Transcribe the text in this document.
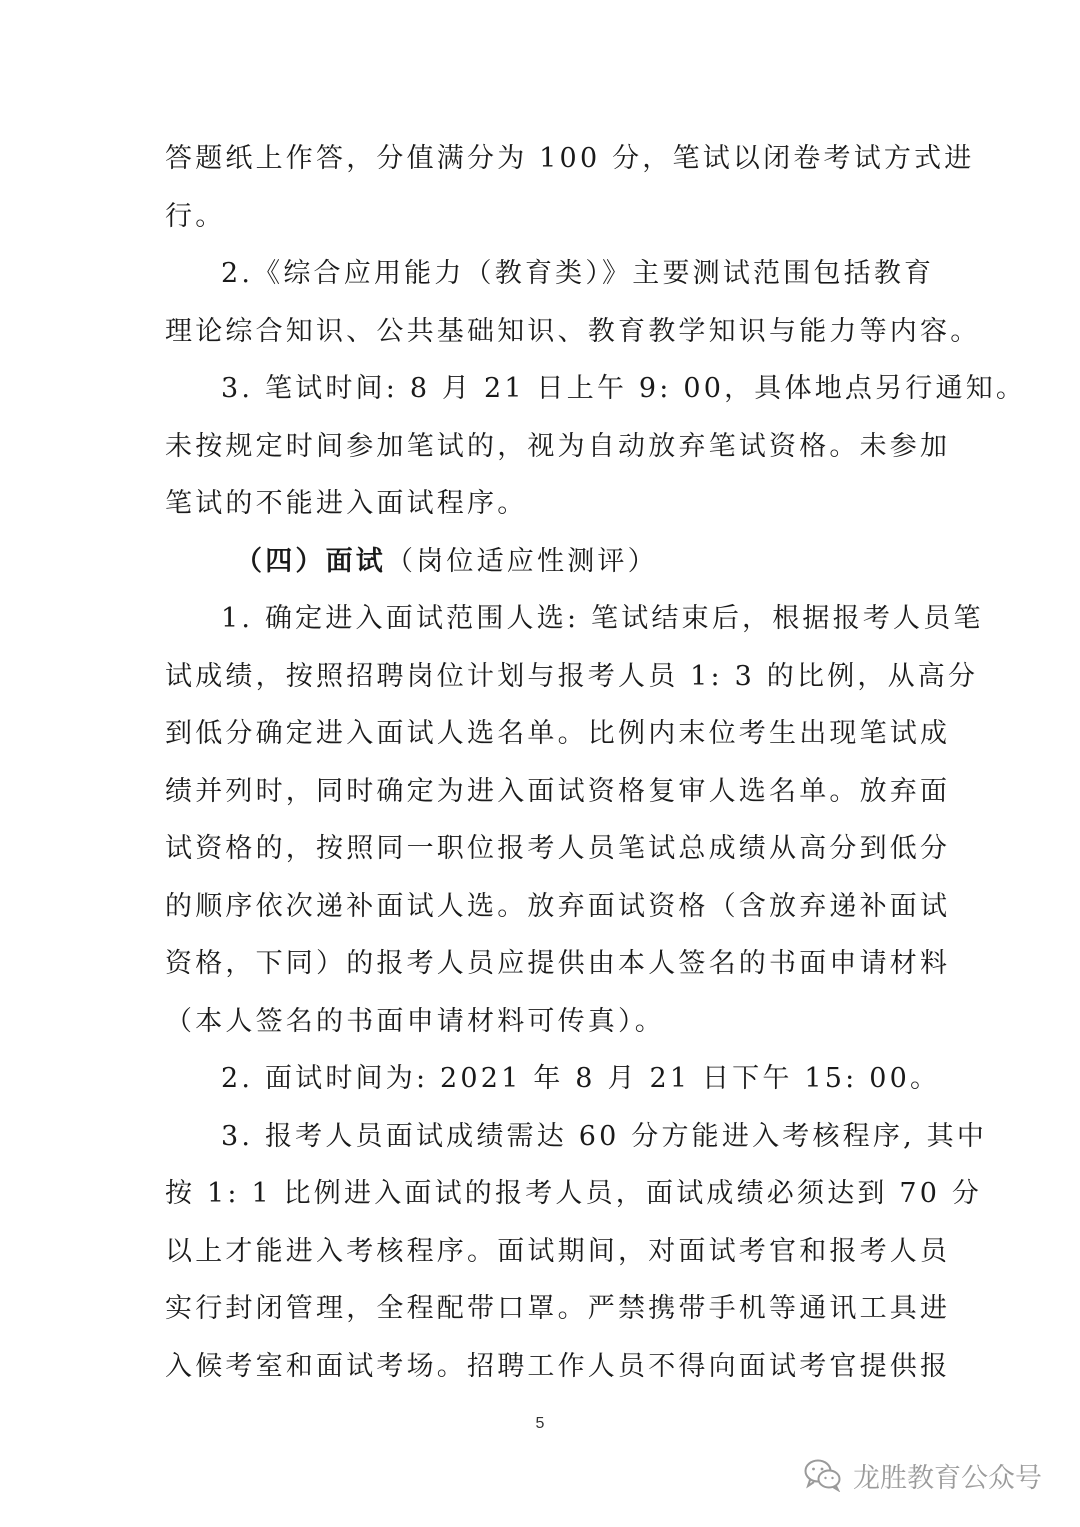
答题纸上作答，分值满分为 100 分，笔试以闭卷考试方式进
行。
2.《综合应用能力（教育类）》主要测试范围包括教育
理论综合知识、公共基础知识、教育教学知识与能力等内容。
3. 笔试时间: 8 月 21 日上午 9: 00，具体地点另行通知。
未按规定时间参加笔试的，视为自动放弃笔试资格。未参加
笔试的不能进入面试程序。
（四）面试（岗位适应性测评）
1. 确定进入面试范围人选: 笔试结束后，根据报考人员笔
试成绩，按照招聘岗位计划与报考人员 1: 3 的比例，从高分
到低分确定进入面试人选名单。比例内末位考生出现笔试成
绩并列时，同时确定为进入面试资格复审人选名单。放弃面
试资格的，按照同一职位报考人员笔试总成绩从高分到低分
的顺序依次递补面试人选。放弃面试资格（含放弃递补面试
资格，下同）的报考人员应提供由本人签名的书面申请材料
（本人签名的书面申请材料可传真）。
2. 面试时间为: 2021 年 8 月 21 日下午 15: 00。
3. 报考人员面试成绩需达 60 分方能进入考核程序, 其中
按 1: 1 比例进入面试的报考人员，面试成绩必须达到 70 分
以上才能进入考核程序。面试期间，对面试考官和报考人员
实行封闭管理，全程配带口罩。严禁携带手机等通讯工具进
入候考室和面试考场。招聘工作人员不得向面试考官提供报
5
龙胜教育公众号
